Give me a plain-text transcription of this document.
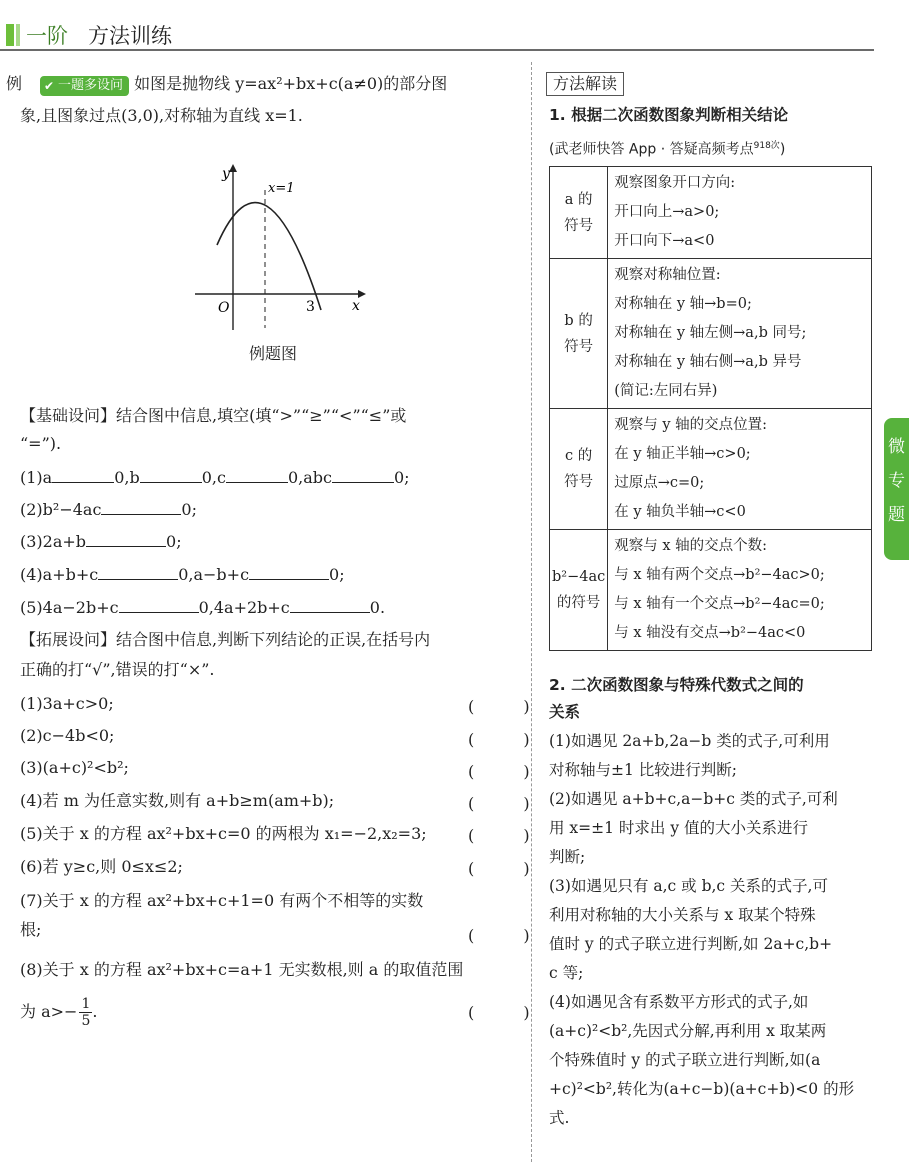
一阶 方法训练
例
✔	一题多设问 如图是抛物线 y=ax²+bx+c(a≠0)的部分图
象,且图象过点(3,0),对称轴为直线 x=1.
y
x
O	3
x=1
例题图
【基础设问】结合图中信息,填空(填“>”“≥”“<”“≤”或
“=”).
(1)a	0,b	0,c	0,abc	0;
(2)b²−4ac	0;
(3)2a+b	0;
(4)a+b+c	0,a−b+c	0;
(5)4a−2b+c	0,4a+2b+c	0.
【拓展设问】结合图中信息,判断下列结论的正误,在括号内
正确的打“√”,错误的打“×”.
(1)3a+c>0;
(2)c−4b<0;
(3)(a+c)²<b²;
(4)若 m 为任意实数,则有 a+b≥m(am+b);
(5)关于 x 的方程 ax²+bx+c=0 的两根为 x₁=−2,x₂=3;
(6)若 y≥c,则 0≤x≤2;
(7)关于 x 的方程 ax²+bx+c+1=0 有两个不相等的实数
根;
(8)关于 x 的方程 ax²+bx+c=a+1 无实数根,则 a 的取值范围
为 $a>- \frac{1}{5}$ .
( )
( )
( )
( )
( )
( )
( )
( )
方法解读
1. 根据二次函数图象判断相关结论
(武老师快答 App · 答疑高频考点$^{918次}$)
a 的
符号

观察图象开口方向:
开口向上→a>0;
开口向下→a<0

b 的
符号

观察对称轴位置:
对称轴在 y 轴→b=0;
对称轴在 y 轴左侧→a,b 同号;
对称轴在 y 轴右侧→a,b 异号
(简记:左同右异)

c 的
符号

观察与 y 轴的交点位置:
在 y 轴正半轴→c>0;
过原点→c=0;
在 y 轴负半轴→c<0

b²−4ac
的符号

观察与 x 轴的交点个数:
与 x 轴有两个交点→b²−4ac>0;
与 x 轴有一个交点→b²−4ac=0;
与 x 轴没有交点→b²−4ac<0
2. 二次函数图象与特殊代数式之间的
关系
(1)如遇见 2a+b,2a−b 类的式子,可利用
对称轴与±1 比较进行判断;
(2)如遇见 a+b+c,a−b+c 类的式子,可利
用 x=±1 时求出 y 值的大小关系进行
判断;
(3)如遇见只有 a,c 或 b,c 关系的式子,可
利用对称轴的大小关系与 x 取某个特殊
值时 y 的式子联立进行判断,如 2a+c,b+
c 等;
(4)如遇见含有系数平方形式的式子,如
(a+c)²<b²,先因式分解,再利用 x 取某两
个特殊值时 y 的式子联立进行判断,如(a
+c)²<b²,转化为(a+c−b)(a+c+b)<0 的形
式.
微
专
题
